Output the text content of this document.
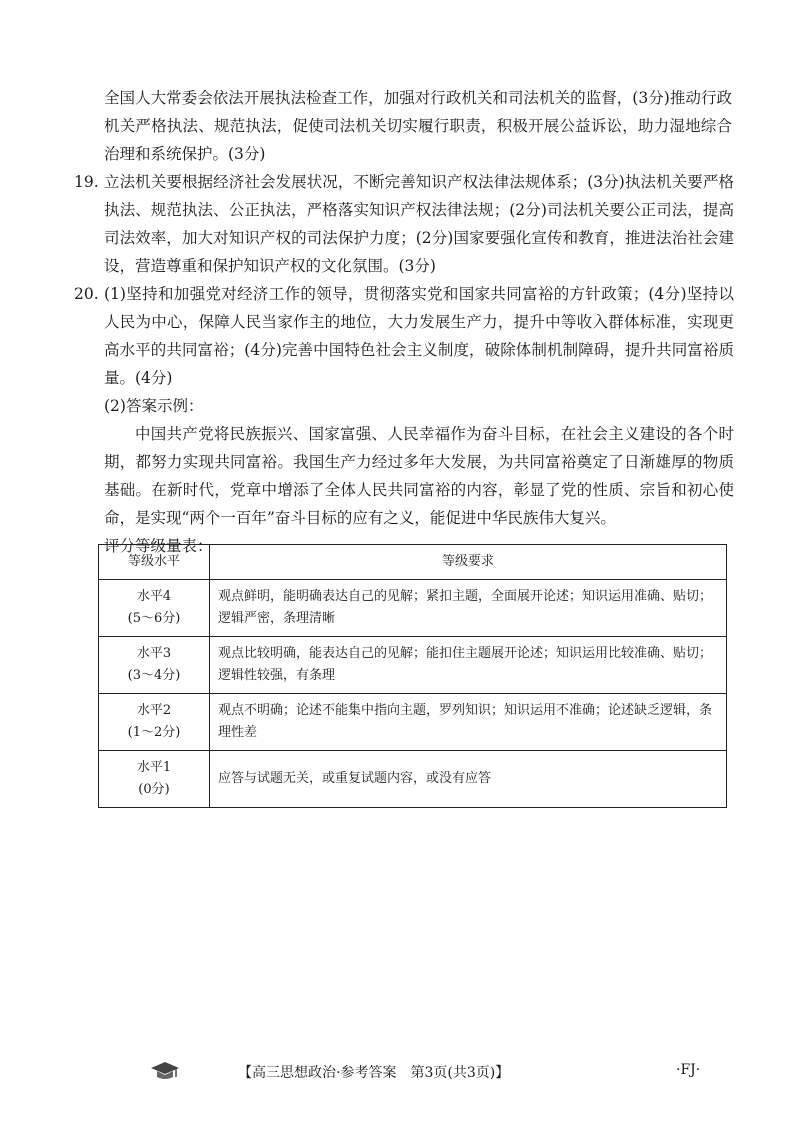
全国人大常委会依法开展执法检查工作，加强对行政机关和司法机关的监督，(3分)推动行政机关严格执法、规范执法，促使司法机关切实履行职责，积极开展公益诉讼，助力湿地综合治理和系统保护。(3分)
19. 立法机关要根据经济社会发展状况，不断完善知识产权法律法规体系；(3分)执法机关要严格执法、规范执法、公正执法，严格落实知识产权法律法规；(2分)司法机关要公正司法，提高司法效率，加大对知识产权的司法保护力度；(2分)国家要强化宣传和教育，推进法治社会建设，营造尊重和保护知识产权的文化氛围。(3分)

20. (1)坚持和加强党对经济工作的领导，贯彻落实党和国家共同富裕的方针政策；(4分)坚持以人民为中心，保障人民当家作主的地位，大力发展生产力，提升中等收入群体标准，实现更高水平的共同富裕；(4分)完善中国特色社会主义制度，破除体制机制障碍，提升共同富裕质量。(4分)

(2)答案示例：

中国共产党将民族振兴、国家富强、人民幸福作为奋斗目标，在社会主义建设的各个时期，都努力实现共同富裕。我国生产力经过多年大发展，为共同富裕奠定了日渐雄厚的物质基础。在新时代，党章中增添了全体人民共同富裕的内容，彰显了党的性质、宗旨和初心使命，是实现“两个一百年”奋斗目标的应有之义，能促进中华民族伟大复兴。

评分等级量表：

等级水平	等级要求

水平4
(5～6分)	观点鲜明，能明确表达自己的见解；紧扣主题，全面展开论述；知识运用准确、贴切；逻辑严密，条理清晰

水平3
(3～4分)	观点比较明确，能表达自己的见解；能扣住主题展开论述；知识运用比较准确、贴切；逻辑性较强，有条理

水平2
(1～2分)	观点不明确；论述不能集中指向主题，罗列知识；知识运用不准确；论述缺乏逻辑，条理性差

水平1
(0分)	应答与试题无关，或重复试题内容，或没有应答
【高三思想政治·参考答案　第3页(共3页)】	·FJ·
